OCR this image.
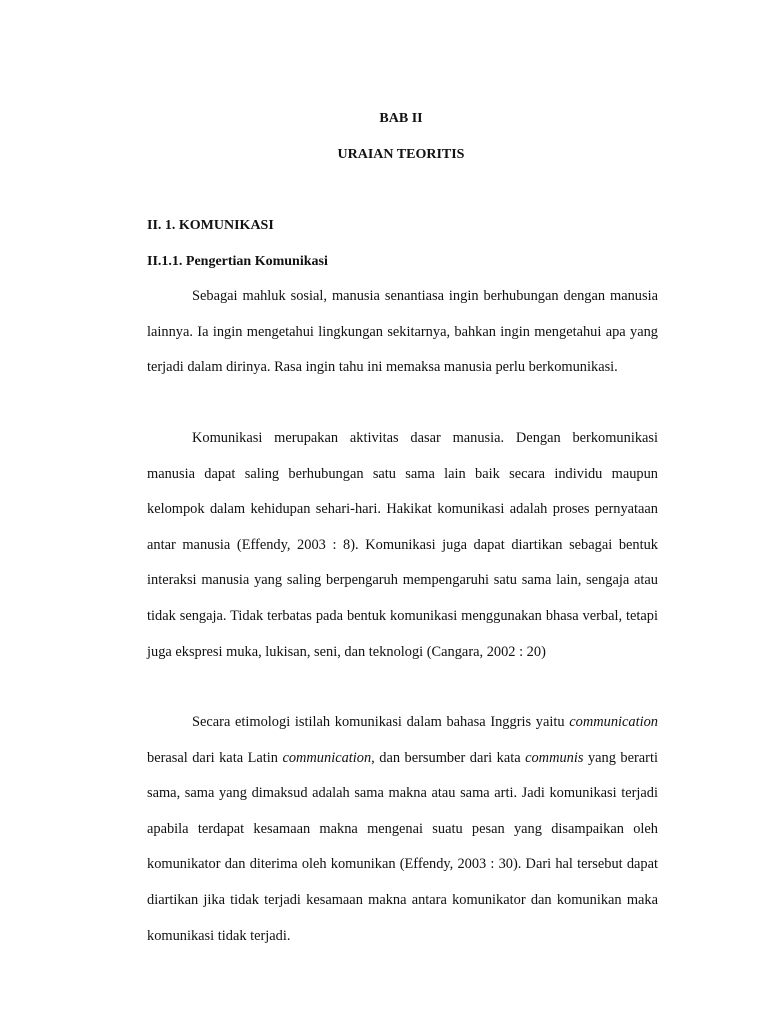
BAB II
URAIAN TEORITIS
II. 1. KOMUNIKASI
II.1.1. Pengertian Komunikasi

Sebagai mahluk sosial, manusia senantiasa ingin berhubungan dengan manusia lainnya. Ia ingin mengetahui lingkungan sekitarnya, bahkan ingin mengetahui apa yang terjadi dalam dirinya. Rasa ingin tahu ini memaksa manusia perlu berkomunikasi.

Komunikasi merupakan aktivitas dasar manusia. Dengan berkomunikasi manusia dapat saling berhubungan satu sama lain baik secara individu maupun kelompok dalam kehidupan sehari-hari. Hakikat komunikasi adalah proses pernyataan antar manusia (Effendy, 2003 : 8). Komunikasi juga dapat diartikan sebagai bentuk interaksi manusia yang saling berpengaruh mempengaruhi satu sama lain, sengaja atau tidak sengaja. Tidak terbatas pada bentuk komunikasi menggunakan bhasa verbal, tetapi juga ekspresi muka, lukisan, seni, dan teknologi (Cangara, 2002 : 20)

Secara etimologi istilah komunikasi dalam bahasa Inggris yaitu communication berasal dari kata Latin communication, dan bersumber dari kata communis yang berarti sama, sama yang dimaksud adalah sama makna atau sama arti. Jadi komunikasi terjadi apabila terdapat kesamaan makna mengenai suatu pesan yang disampaikan oleh komunikator dan diterima oleh komunikan (Effendy, 2003 : 30). Dari hal tersebut dapat diartikan jika tidak terjadi kesamaan makna antara komunikator dan komunikan maka komunikasi tidak terjadi.
